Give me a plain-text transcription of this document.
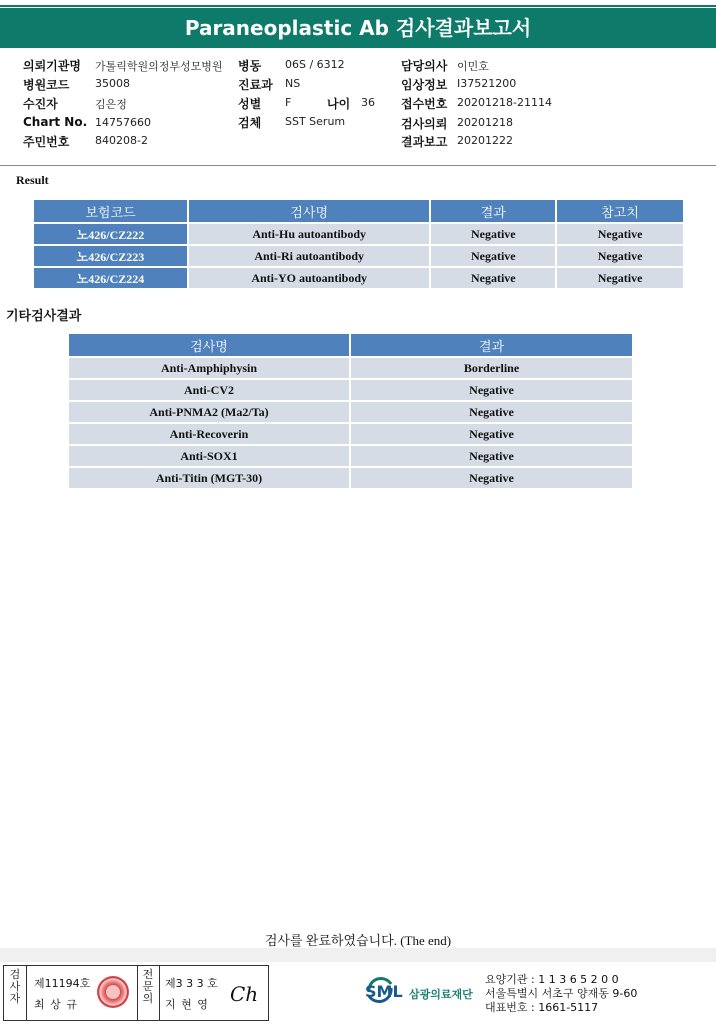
Paraneoplastic Ab 검사결과보고서
의뢰기관명 가톨릭학원의정부성모병원 병동 06S / 6312	담당의사 이민호
병원코드 35008	진료과 NS	임상정보 I37521200
수진자	김은정	성별 F	나이 36 접수번호 20201218-21114
Chart No. 14757660	검체 SST Serum	검사의뢰 20201218
주민번호 840208-2	결과보고 20201222
Result
보험코드	검사명	결과	참고치
노426/CZ222	Anti-Hu autoantibody	Negative	Negative
노426/CZ223	Anti-Ri autoantibody	Negative	Negative
노426/CZ224	Anti-YO autoantibody	Negative	Negative
기타검사결과
검사명	결과
Anti-Amphiphysin	Borderline
Anti-CV2	Negative
Anti-PNMA2 (Ma2/Ta)	Negative
Anti-Recoverin	Negative
Anti-SOX1	Negative
Anti-Titin (MGT-30)	Negative
검사를 완료하였습니다. (The end)
검사자
제11194호
최 상 규
전문의
제3 3 3 호
지 현 영 Ch	SML 삼광의료재단
요양기관 : 1 1 3 6 5 2 0 0
서울특별시 서초구 양재동 9-60
대표번호 : 1661-5117
